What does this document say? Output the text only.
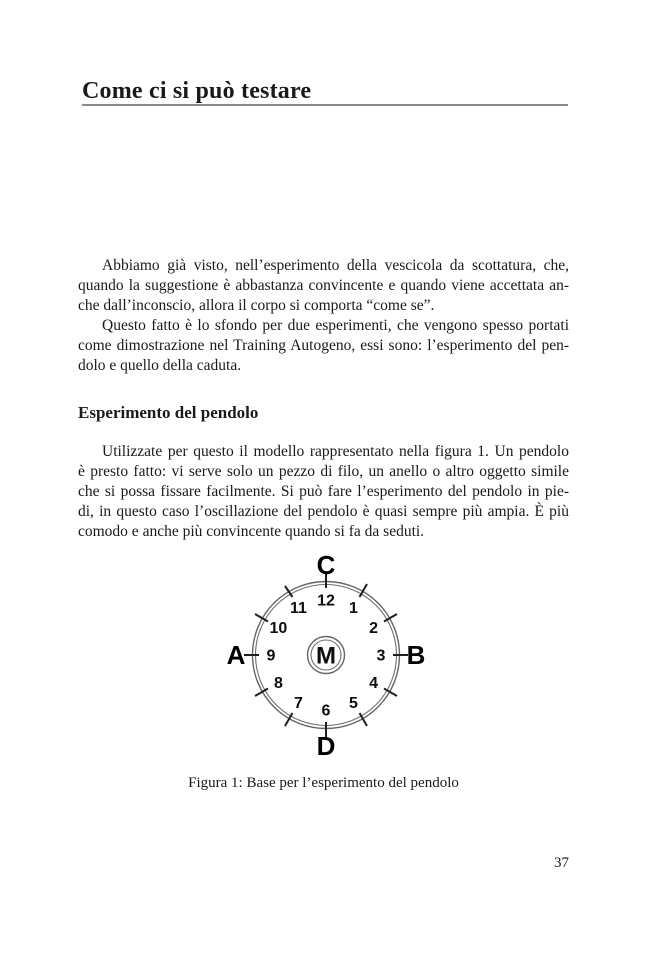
Come ci si può testare
Abbiamo già visto, nell’esperimento della vescicola da scottatura, che,
quando la suggestione è abbastanza convincente e quando viene accettata an-
che dall’inconscio, allora il corpo si comporta “come se”.
Questo fatto è lo sfondo per due esperimenti, che vengono spesso portati
come dimostrazione nel Training Autogeno, essi sono: l’esperimento del pen-
dolo e quello della caduta.
Esperimento del pendolo
Utilizzate per questo il modello rappresentato nella figura 1. Un pendolo
è presto fatto: vi serve solo un pezzo di filo, un anello o altro oggetto simile
che si possa fissare facilmente. Si può fare l’esperimento del pendolo in pie-
di, in questo caso l’oscillazione del pendolo è quasi sempre più ampia. È più
comodo e anche più convincente quando si fa da seduti.
1
2
3
4
5
6
7
8
9
10
11 12
C
B
D
A	M
Figura 1: Base per l’esperimento del pendolo
37
